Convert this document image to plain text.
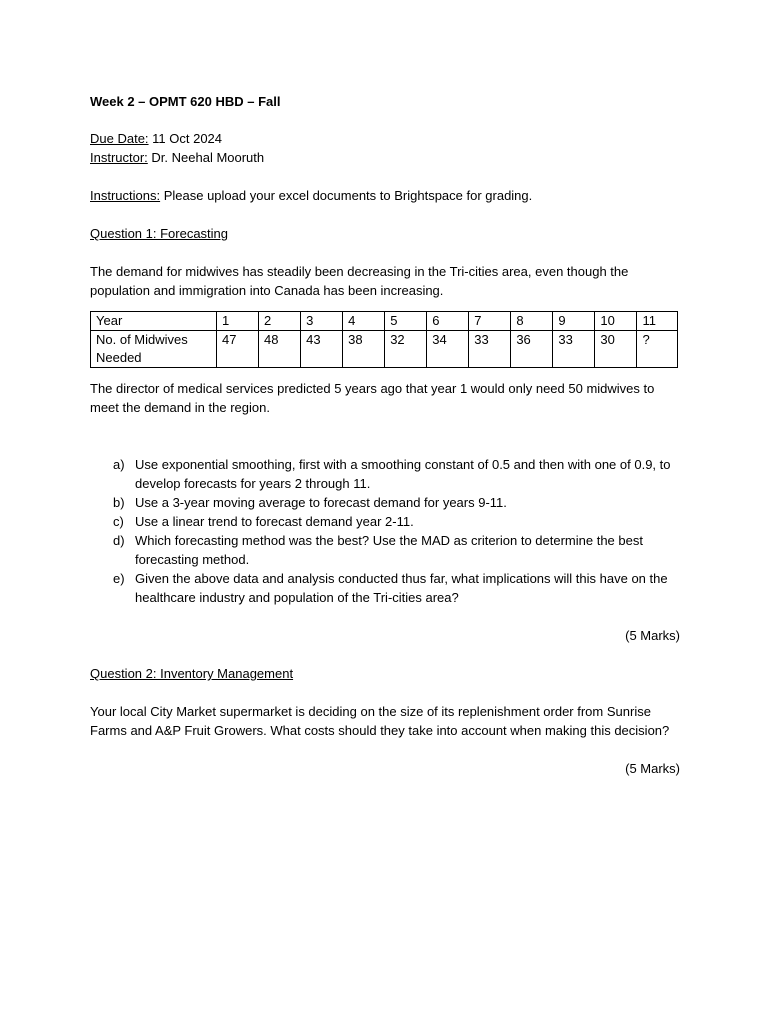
Week 2 – OPMT 620 HBD – Fall

Due Date: 11 Oct 2024

Instructor: Dr. Neehal Mooruth

Instructions: Please upload your excel documents to Brightspace for grading.

Question 1: Forecasting

The demand for midwives has steadily been decreasing in the Tri-cities area, even though the population and immigration into Canada has been increasing.

Year	1	2	3	4	5	6	7	8	9	10	11
No. of Midwives Needed	47	48	43	38	32	34	33	36	33	30	?

The director of medical services predicted 5 years ago that year 1 would only need 50 midwives to meet the demand in the region.

a) Use exponential smoothing, first with a smoothing constant of 0.5 and then with one of 0.9, to develop forecasts for years 2 through 11.
b) Use a 3-year moving average to forecast demand for years 9-11.
c) Use a linear trend to forecast demand year 2-11.
d) Which forecasting method was the best? Use the MAD as criterion to determine the best forecasting method.
e) Given the above data and analysis conducted thus far, what implications will this have on the healthcare industry and population of the Tri-cities area?

(5 Marks)

Question 2: Inventory Management

Your local City Market supermarket is deciding on the size of its replenishment order from Sunrise Farms and A&P Fruit Growers. What costs should they take into account when making this decision?

(5 Marks)
